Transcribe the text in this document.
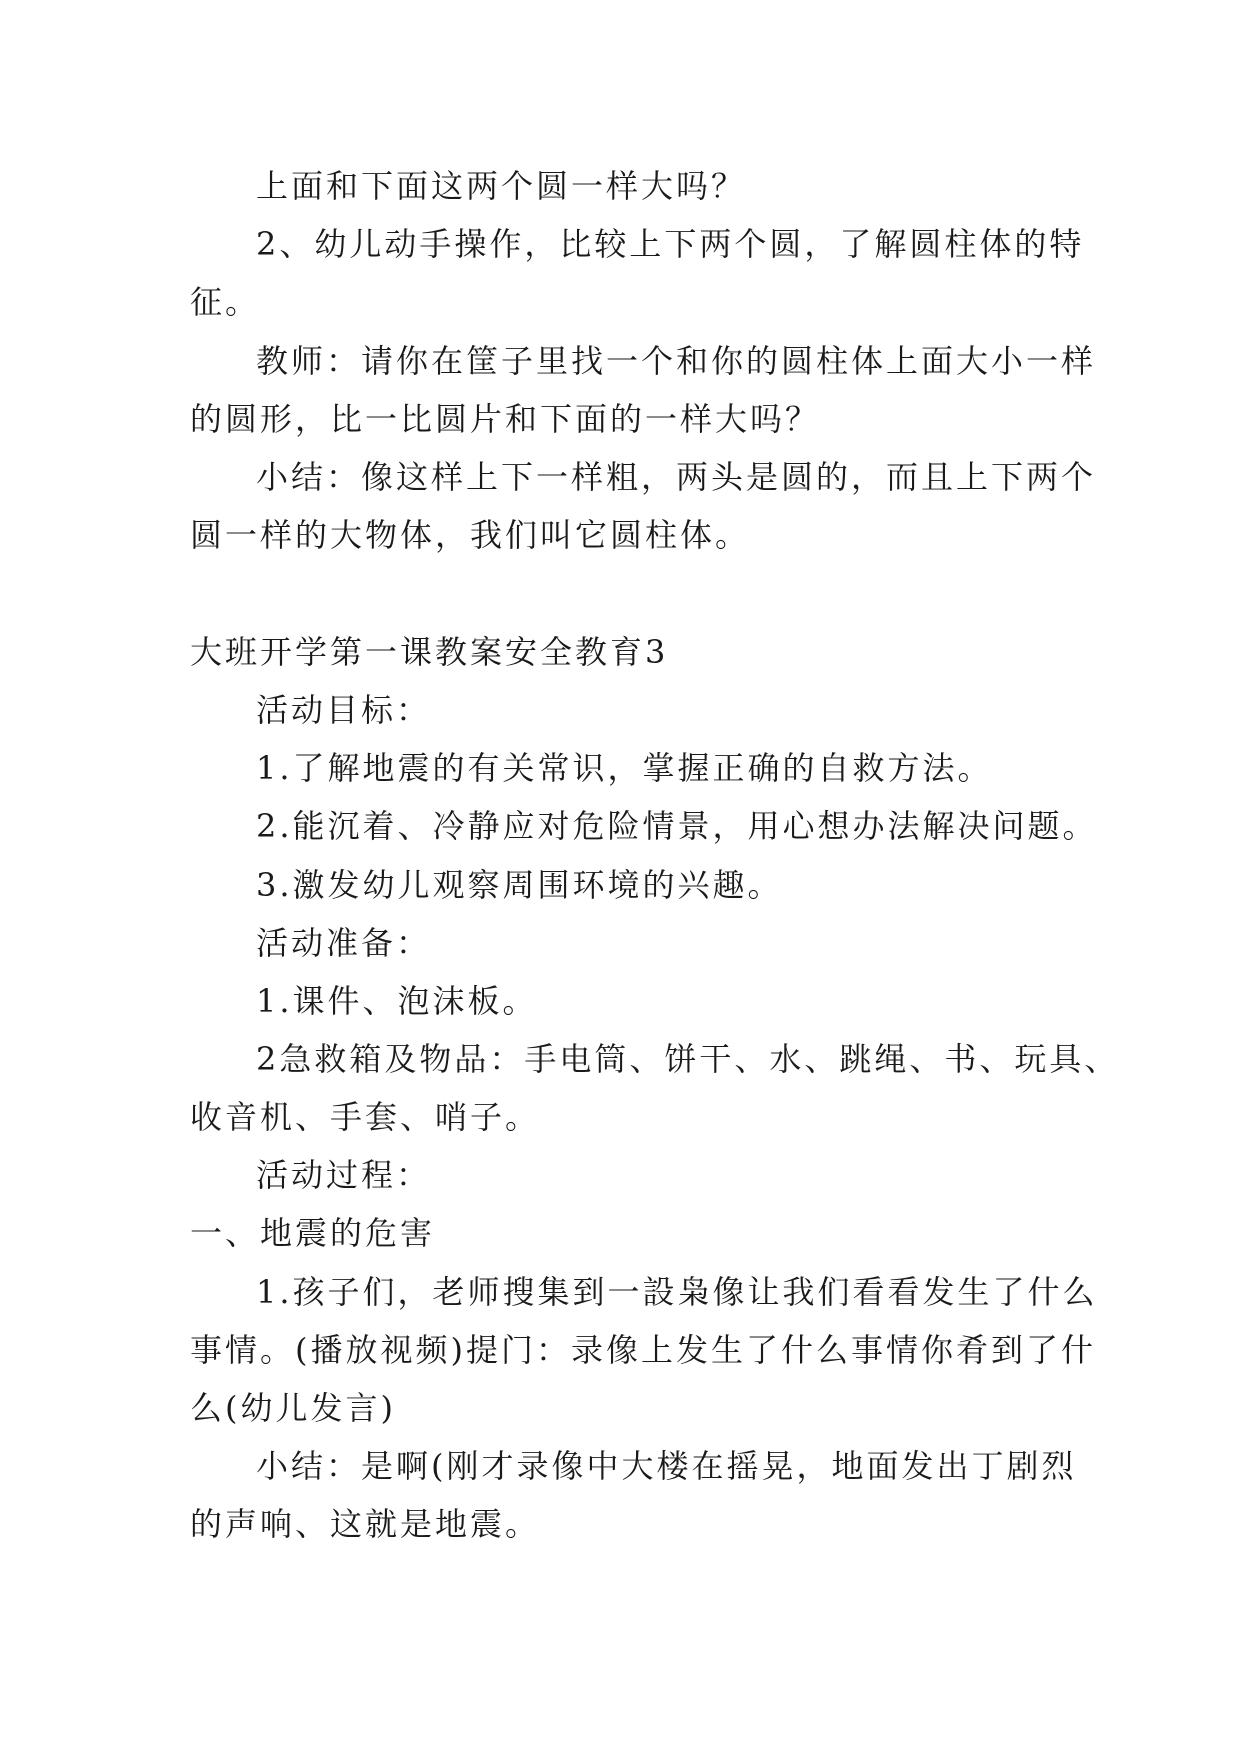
上面和下面这两个圆一样大吗？
2、幼儿动手操作，比较上下两个圆，了解圆柱体的特
征。
教师：请你在筐子里找一个和你的圆柱体上面大小一样
的圆形，比一比圆片和下面的一样大吗？
小结：像这样上下一样粗，两头是圆的，而且上下两个
圆一样的大物体，我们叫它圆柱体。
大班开学第一课教案安全教育3
活动目标：
1.了解地震的有关常识，掌握正确的自救方法。
2.能沉着、冷静应对危险情景，用心想办法解决问题。
3.激发幼儿观察周围环境的兴趣。
活动准备：
1.课件、泡沫板。
2急救箱及物品：手电筒、饼干、水、跳绳、书、玩具、
收音机、手套、哨子。
活动过程：
一、地震的危害
1.孩子们，老师搜集到一設枭像让我们看看发生了什么
事情。(播放视频)提门：录像上发生了什么事情你肴到了什
么(幼儿发言)
小结：是啊(刚才录像中大楼在摇晃，地面发出丁剧烈
的声响、这就是地震。
